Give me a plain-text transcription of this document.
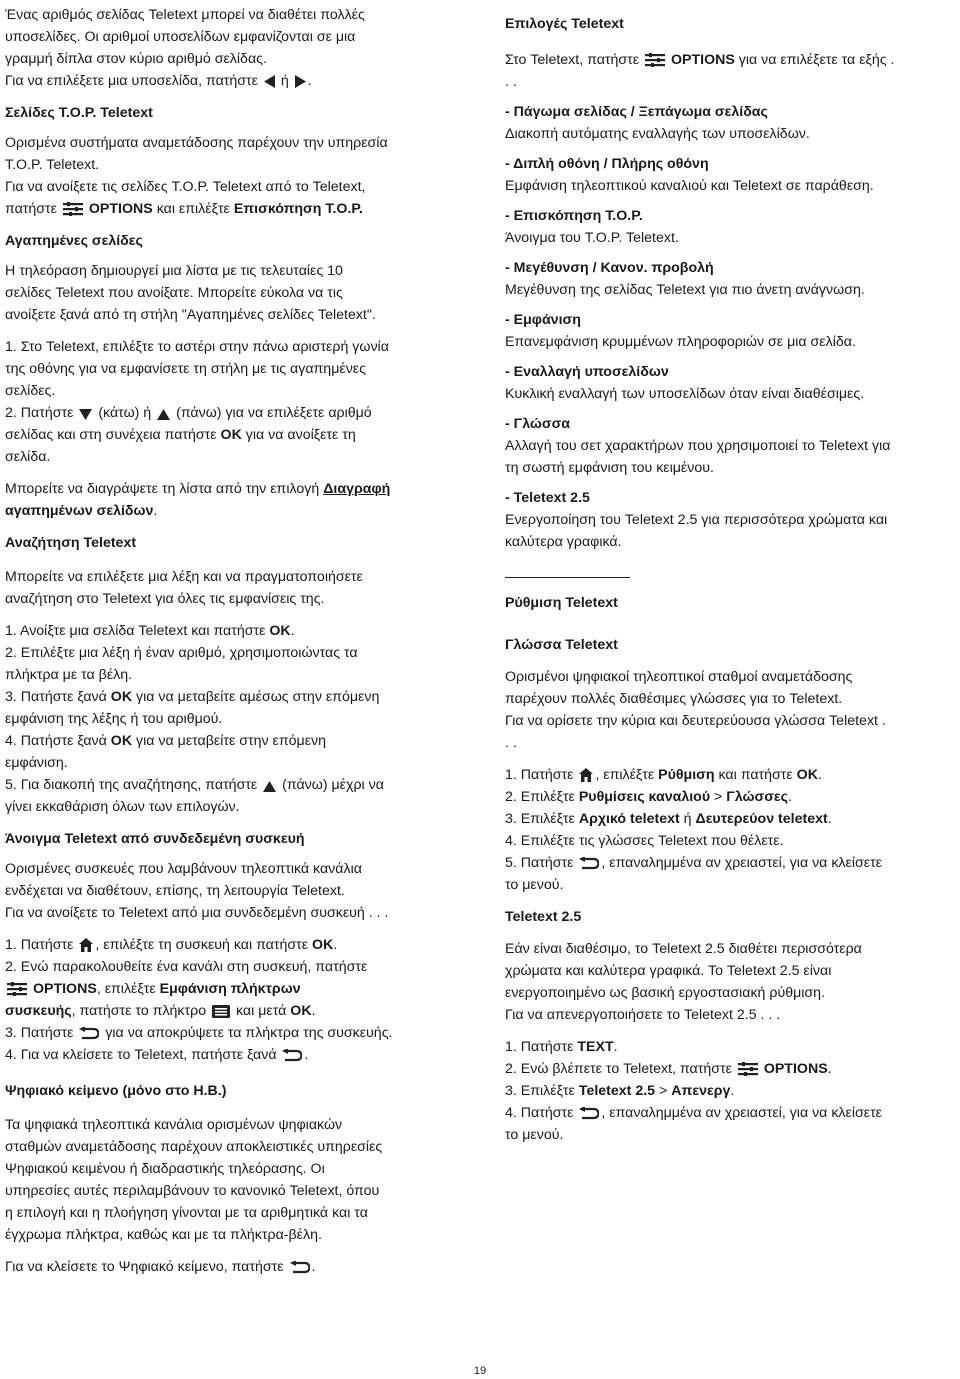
Ένας αριθμός σελίδας Teletext μπορεί να διαθέτει πολλές
υποσελίδες. Οι αριθμοί υποσελίδων εμφανίζονται σε μια
γραμμή δίπλα στον κύριο αριθμό σελίδας.
Για να επιλέξετε μια υποσελίδα, πατήστε ή .

Σελίδες Τ.Ο.Ρ. Teletext

Ορισμένα συστήματα αναμετάδοσης παρέχουν την υπηρεσία
T.O.P. Teletext.
Για να ανοίξετε τις σελίδες T.O.P. Teletext από το Teletext,
πατήστε OPTIONS και επιλέξτε Επισκόπηση Τ.Ο.Ρ.

Αγαπημένες σελίδες

Η τηλεόραση δημιουργεί μια λίστα με τις τελευταίες 10
σελίδες Teletext που ανοίξατε. Μπορείτε εύκολα να τις
ανοίξετε ξανά από τη στήλη "Αγαπημένες σελίδες Teletext".

1. Στο Teletext, επιλέξτε το αστέρι στην πάνω αριστερή γωνία
της οθόνης για να εμφανίσετε τη στήλη με τις αγαπημένες
σελίδες.
2. Πατήστε (κάτω) ή (πάνω) για να επιλέξετε αριθμό
σελίδας και στη συνέχεια πατήστε OK για να ανοίξετε τη
σελίδα.

Μπορείτε να διαγράψετε τη λίστα από την επιλογή Διαγραφή
αγαπημένων σελίδων.

Αναζήτηση Teletext

Μπορείτε να επιλέξετε μια λέξη και να πραγματοποιήσετε
αναζήτηση στο Teletext για όλες τις εμφανίσεις της.

1. Ανοίξτε μια σελίδα Teletext και πατήστε OK.
2. Επιλέξτε μια λέξη ή έναν αριθμό, χρησιμοποιώντας τα
πλήκτρα με τα βέλη.
3. Πατήστε ξανά OK για να μεταβείτε αμέσως στην επόμενη
εμφάνιση της λέξης ή του αριθμού.
4. Πατήστε ξανά OK για να μεταβείτε στην επόμενη
εμφάνιση.
5. Για διακοπή της αναζήτησης, πατήστε (πάνω) μέχρι να
γίνει εκκαθάριση όλων των επιλογών.

Άνοιγμα Teletext από συνδεδεμένη συσκευή

Ορισμένες συσκευές που λαμβάνουν τηλεοπτικά κανάλια
ενδέχεται να διαθέτουν, επίσης, τη λειτουργία Teletext.
Για να ανοίξετε το Teletext από μια συνδεδεμένη συσκευή . . .

1. Πατήστε , επιλέξτε τη συσκευή και πατήστε OK.
2. Ενώ παρακολουθείτε ένα κανάλι στη συσκευή, πατήστε

OPTIONS, επιλέξτε Εμφάνιση πλήκτρων
συσκευής, πατήστε το πλήκτρο και μετά OK.
3. Πατήστε για να αποκρύψετε τα πλήκτρα της συσκευής.
4. Για να κλείσετε το Teletext, πατήστε ξανά .

Ψηφιακό κείμενο (μόνο στο Η.Β.)

Τα ψηφιακά τηλεοπτικά κανάλια ορισμένων ψηφιακών
σταθμών αναμετάδοσης παρέχουν αποκλειστικές υπηρεσίες
Ψηφιακού κειμένου ή διαδραστικής τηλεόρασης. Οι
υπηρεσίες αυτές περιλαμβάνουν το κανονικό Teletext, όπου
η επιλογή και η πλοήγηση γίνονται με τα αριθμητικά και τα
έγχρωμα πλήκτρα, καθώς και με τα πλήκτρα-βέλη.

Για να κλείσετε το Ψηφιακό κείμενο, πατήστε .

Επιλογές Teletext

Στο Teletext, πατήστε OPTIONS για να επιλέξετε τα εξής .
. .

- Πάγωμα σελίδας / Ξεπάγωμα σελίδας
Διακοπή αυτόματης εναλλαγής των υποσελίδων.

- Διπλή οθόνη / Πλήρης οθόνη
Εμφάνιση τηλεοπτικού καναλιού και Teletext σε παράθεση.

- Επισκόπηση Τ.Ο.Ρ.
Άνοιγμα του T.O.P. Teletext.

- Μεγέθυνση / Κανον. προβολή
Μεγέθυνση της σελίδας Teletext για πιο άνετη ανάγνωση.

- Εμφάνιση
Επανεμφάνιση κρυμμένων πληροφοριών σε μια σελίδα.

- Εναλλαγή υποσελίδων
Κυκλική εναλλαγή των υποσελίδων όταν είναι διαθέσιμες.

- Γλώσσα
Αλλαγή του σετ χαρακτήρων που χρησιμοποιεί το Teletext για
τη σωστή εμφάνιση του κειμένου.

- Teletext 2.5
Ενεργοποίηση του Teletext 2.5 για περισσότερα χρώματα και
καλύτερα γραφικά.

Ρύθμιση Teletext

Γλώσσα Teletext

Ορισμένοι ψηφιακοί τηλεοπτικοί σταθμοί αναμετάδοσης
παρέχουν πολλές διαθέσιμες γλώσσες για το Teletext.
Για να ορίσετε την κύρια και δευτερεύουσα γλώσσα Teletext .
. .

1. Πατήστε , επιλέξτε Ρύθμιση και πατήστε OK.
2. Επιλέξτε Ρυθμίσεις καναλιού > Γλώσσες.
3. Επιλέξτε Αρχικό teletext ή Δευτερεύον teletext.
4. Επιλέξτε τις γλώσσες Teletext που θέλετε.
5. Πατήστε , επαναλημμένα αν χρειαστεί, για να κλείσετε
το μενού.

Teletext 2.5

Εάν είναι διαθέσιμο, το Teletext 2.5 διαθέτει περισσότερα
χρώματα και καλύτερα γραφικά. Το Teletext 2.5 είναι
ενεργοποιημένο ως βασική εργοστασιακή ρύθμιση.
Για να απενεργοποιήσετε το Teletext 2.5 . . .

1. Πατήστε TEXT.
2. Ενώ βλέπετε το Teletext, πατήστε OPTIONS.
3. Επιλέξτε Teletext 2.5 > Απενεργ.
4. Πατήστε , επαναλημμένα αν χρειαστεί, για να κλείσετε
το μενού.

19
